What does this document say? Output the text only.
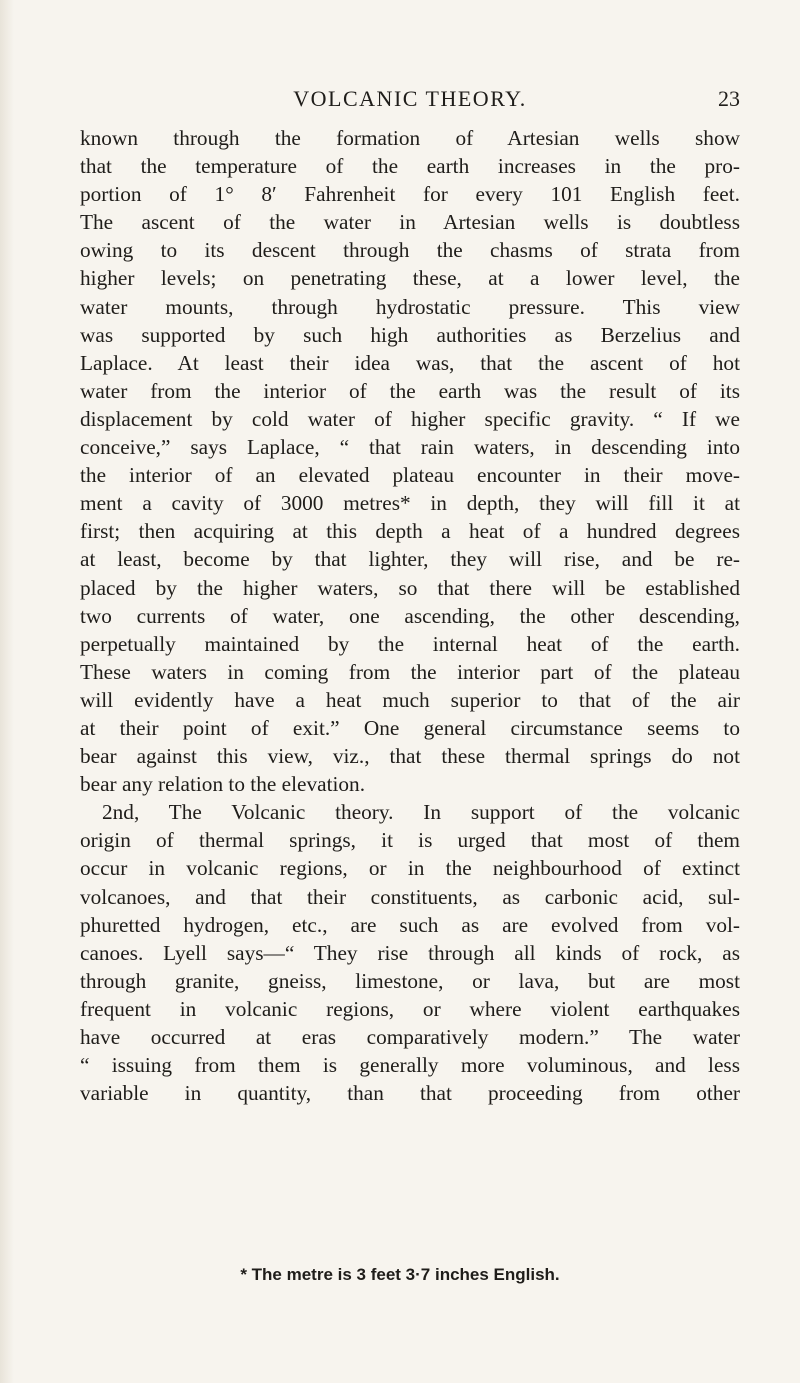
VOLCANIC THEORY.	23
known through the formation of Artesian wells show
that the temperature of the earth increases in the pro-
portion of 1° 8′ Fahrenheit for every 101 English feet.
The ascent of the water in Artesian wells is doubtless
owing to its descent through the chasms of strata from
higher levels; on penetrating these, at a lower level, the
water mounts, through hydrostatic pressure. This view
was supported by such high authorities as Berzelius and
Laplace. At least their idea was, that the ascent of hot
water from the interior of the earth was the result of its
displacement by cold water of higher specific gravity. “ If we
conceive,” says Laplace, “ that rain waters, in descending into
the interior of an elevated plateau encounter in their move-
ment a cavity of 3000 metres* in depth, they will fill it at
first; then acquiring at this depth a heat of a hundred degrees
at least, become by that lighter, they will rise, and be re-
placed by the higher waters, so that there will be established
two currents of water, one ascending, the other descending,
perpetually maintained by the internal heat of the earth.
These waters in coming from the interior part of the plateau
will evidently have a heat much superior to that of the air
at their point of exit.” One general circumstance seems to
bear against this view, viz., that these thermal springs do not
bear any relation to the elevation.
2nd, The Volcanic theory. In support of the volcanic
origin of thermal springs, it is urged that most of them
occur in volcanic regions, or in the neighbourhood of extinct
volcanoes, and that their constituents, as carbonic acid, sul-
phuretted hydrogen, etc., are such as are evolved from vol-
canoes. Lyell says—“ They rise through all kinds of rock, as
through granite, gneiss, limestone, or lava, but are most
frequent in volcanic regions, or where violent earthquakes
have occurred at eras comparatively modern.” The water
“ issuing from them is generally more voluminous, and less
variable in quantity, than that proceeding from other
* The metre is 3 feet 3·7 inches English.
